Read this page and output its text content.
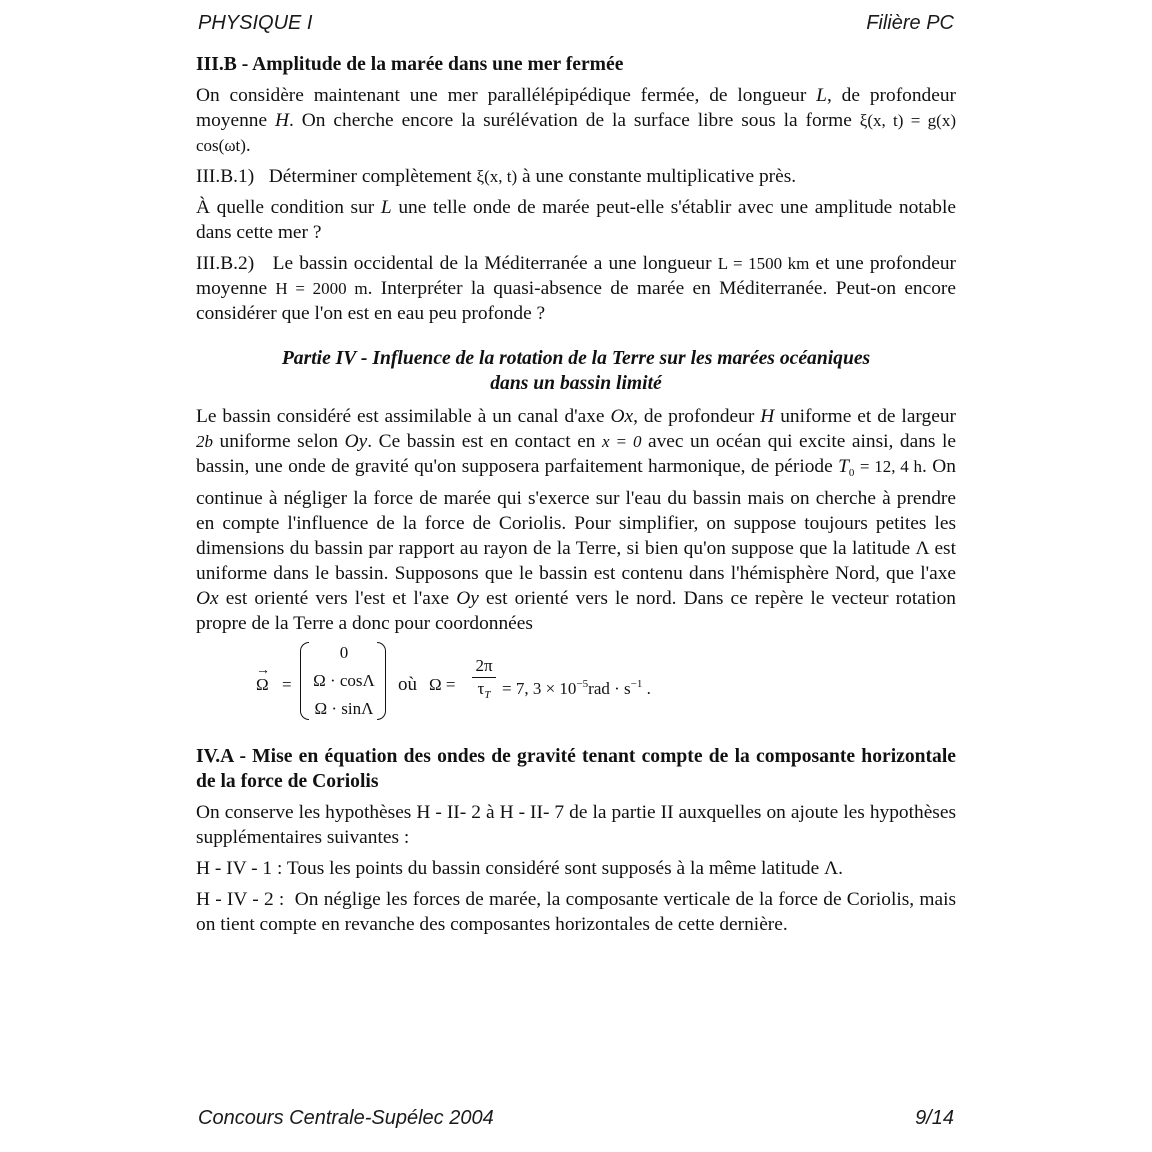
PHYSIQUE I	Filière PC
III.B - Amplitude de la marée dans une mer fermée

On considère maintenant une mer parallélépipédique fermée, de longueur L, de profondeur moyenne H. On cherche encore la surélévation de la surface libre sous la forme ξ(x, t) = g(x) cos(ωt).

III.B.1) Déterminer complètement ξ(x, t) à une constante multiplicative près.

À quelle condition sur L une telle onde de marée peut-elle s'établir avec une amplitude notable dans cette mer ?

III.B.2) Le bassin occidental de la Méditerranée a une longueur L = 1500 km et une profondeur moyenne H = 2000 m. Interpréter la quasi-absence de marée en Méditerranée. Peut-on encore considérer que l'on est en eau peu profonde ?

Partie IV - Influence de la rotation de la Terre sur les marées océaniques
dans un bassin limité

Le bassin considéré est assimilable à un canal d'axe Ox, de profondeur H uniforme et de largeur 2b uniforme selon Oy. Ce bassin est en contact en x = 0 avec un océan qui excite ainsi, dans le bassin, une onde de gravité qu'on supposera parfaitement harmonique, de période $T_0 = 12$, 4 h. On continue à négliger la force de marée qui s'exerce sur l'eau du bassin mais on cherche à prendre en compte l'influence de la force de Coriolis. Pour simplifier, on suppose toujours petites les dimensions du bassin par rapport au rayon de la Terre, si bien qu'on suppose que la latitude Λ est uniforme dans le bassin. Supposons que le bassin est contenu dans l'hémisphère Nord, que l'axe Ox est orienté vers l'est et l'axe Oy est orienté vers le nord. Dans ce repère le vecteur rotation propre de la Terre a donc pour coordonnées

Ω
→
=
0
Ω · cosΛ
Ω · sinΛ
où Ω =
2π
$\tau_T = 7$, $3 \times 10^{-5}rad \cdot s^{-1}$ .
IV.A - Mise en équation des ondes de gravité tenant compte de la composante horizontale de la force de Coriolis

On conserve les hypothèses H - II- 2 à H - II- 7 de la partie II auxquelles on ajoute les hypothèses supplémentaires suivantes :

H - IV - 1 : Tous les points du bassin considéré sont supposés à la même latitude Λ.

H - IV - 2 : On néglige les forces de marée, la composante verticale de la force de Coriolis, mais on tient compte en revanche des composantes horizontales de cette dernière.

Concours Centrale-Supélec 2004	9/14
